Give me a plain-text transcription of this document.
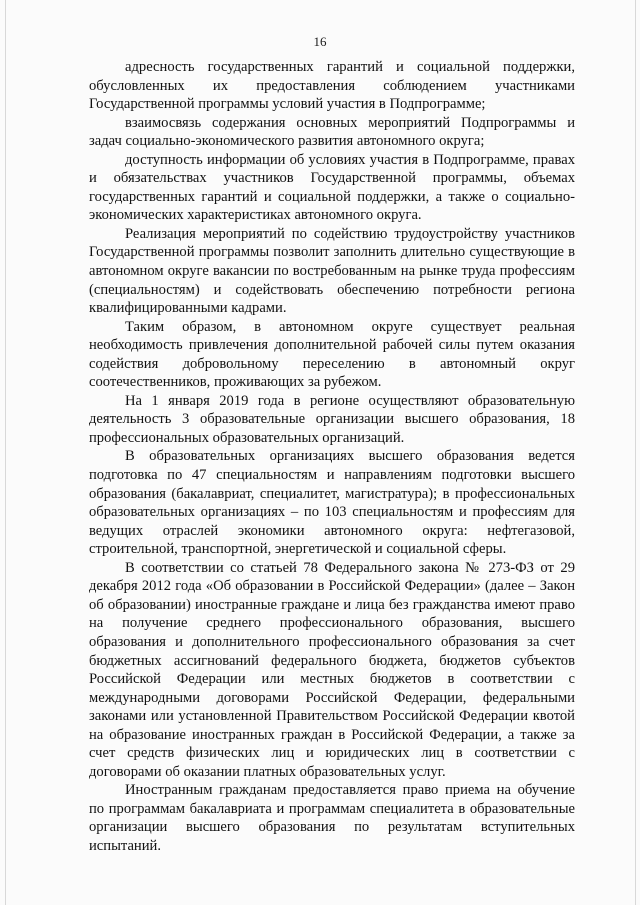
16

адресность государственных гарантий и социальной поддержки, обусловленных их предоставления соблюдением участниками Государственной программы условий участия в Подпрограмме;

взаимосвязь содержания основных мероприятий Подпрограммы и задач социально-экономического развития автономного округа;

доступность информации об условиях участия в Подпрограмме, правах и обязательствах участников Государственной программы, объемах государственных гарантий и социальной поддержки, а также о социально-экономических характеристиках автономного округа.

Реализация мероприятий по содействию трудоустройству участников Государственной программы позволит заполнить длительно существующие в автономном округе вакансии по востребованным на рынке труда профессиям (специальностям) и содействовать обеспечению потребности региона квалифицированными кадрами.

Таким образом, в автономном округе существует реальная необходимость привлечения дополнительной рабочей силы путем оказания содействия добровольному переселению в автономный округ соотечественников, проживающих за рубежом.

На 1 января 2019 года в регионе осуществляют образовательную деятельность 3 образовательные организации высшего образования, 18 профессиональных образовательных организаций.

В образовательных организациях высшего образования ведется подготовка по 47 специальностям и направлениям подготовки высшего образования (бакалавриат, специалитет, магистратура); в профессиональных образовательных организациях – по 103 специальностям и профессиям для ведущих отраслей экономики автономного округа: нефтегазовой, строительной, транспортной, энергетической и социальной сферы.

В соответствии со статьей 78 Федерального закона № 273-ФЗ от 29 декабря 2012 года «Об образовании в Российской Федерации» (далее – Закон об образовании) иностранные граждане и лица без гражданства имеют право на получение среднего профессионального образования, высшего образования и дополнительного профессионального образования за счет бюджетных ассигнований федерального бюджета, бюджетов субъектов Российской Федерации или местных бюджетов в соответствии с международными договорами Российской Федерации, федеральными законами или установленной Правительством Российской Федерации квотой на образование иностранных граждан в Российской Федерации, а также за счет средств физических лиц и юридических лиц в соответствии с договорами об оказании платных образовательных услуг.

Иностранным гражданам предоставляется право приема на обучение по программам бакалавриата и программам специалитета в образовательные организации высшего образования по результатам вступительных испытаний.
